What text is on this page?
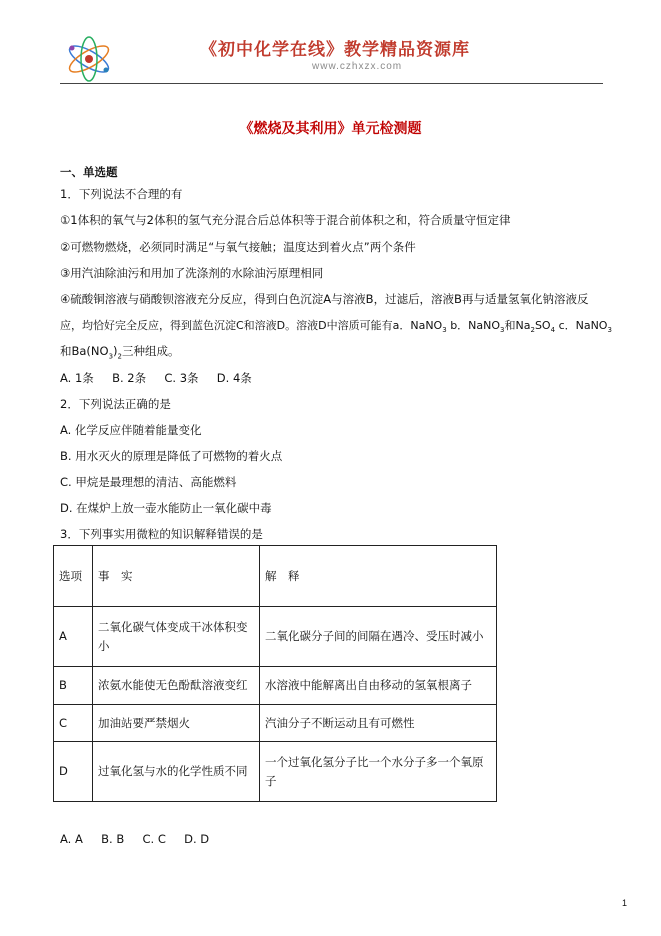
《初中化学在线》教学精品资源库
www.czhxzx.com
《燃烧及其利用》单元检测题
一、单选题
1．下列说法不合理的有
①1体积的氧气与2体积的氢气充分混合后总体积等于混合前体积之和，符合质量守恒定律
②可燃物燃烧，必须同时满足“与氧气接触；温度达到着火点”两个条件
③用汽油除油污和用加了洗涤剂的水除油污原理相同
④硫酸铜溶液与硝酸钡溶液充分反应，得到白色沉淀A与溶液B，过滤后，溶液B再与适量氢氧化钠溶液反
应，均恰好完全反应，得到蓝色沉淀C和溶液D。溶液D中溶质可能有a．NaNO$_3$ b．NaNO$_3$和$Na_2SO_4$ c．NaNO$_3$
和$Ba(NO_3)_2$三种组成。
A. 1条     B. 2条     C. 3条     D. 4条
2．下列说法正确的是
A. 化学反应伴随着能量变化
B. 用水灭火的原理是降低了可燃物的着火点
C. 甲烷是最理想的清洁、高能燃料
D. 在煤炉上放一壶水能防止一氧化碳中毒
3．下列事实用微粒的知识解释错误的是
选项	事　实	解　释
A	二氧化碳气体变成干冰体积变小	二氧化碳分子间的间隔在遇冷、受压时减小
B	浓氨水能使无色酚酞溶液变红	水溶液中能解离出自由移动的氢氧根离子
C	加油站要严禁烟火	汽油分子不断运动且有可燃性
D	过氧化氢与水的化学性质不同	一个过氧化氢分子比一个水分子多一个氧原子
A. A     B. B     C. C     D. D
1
